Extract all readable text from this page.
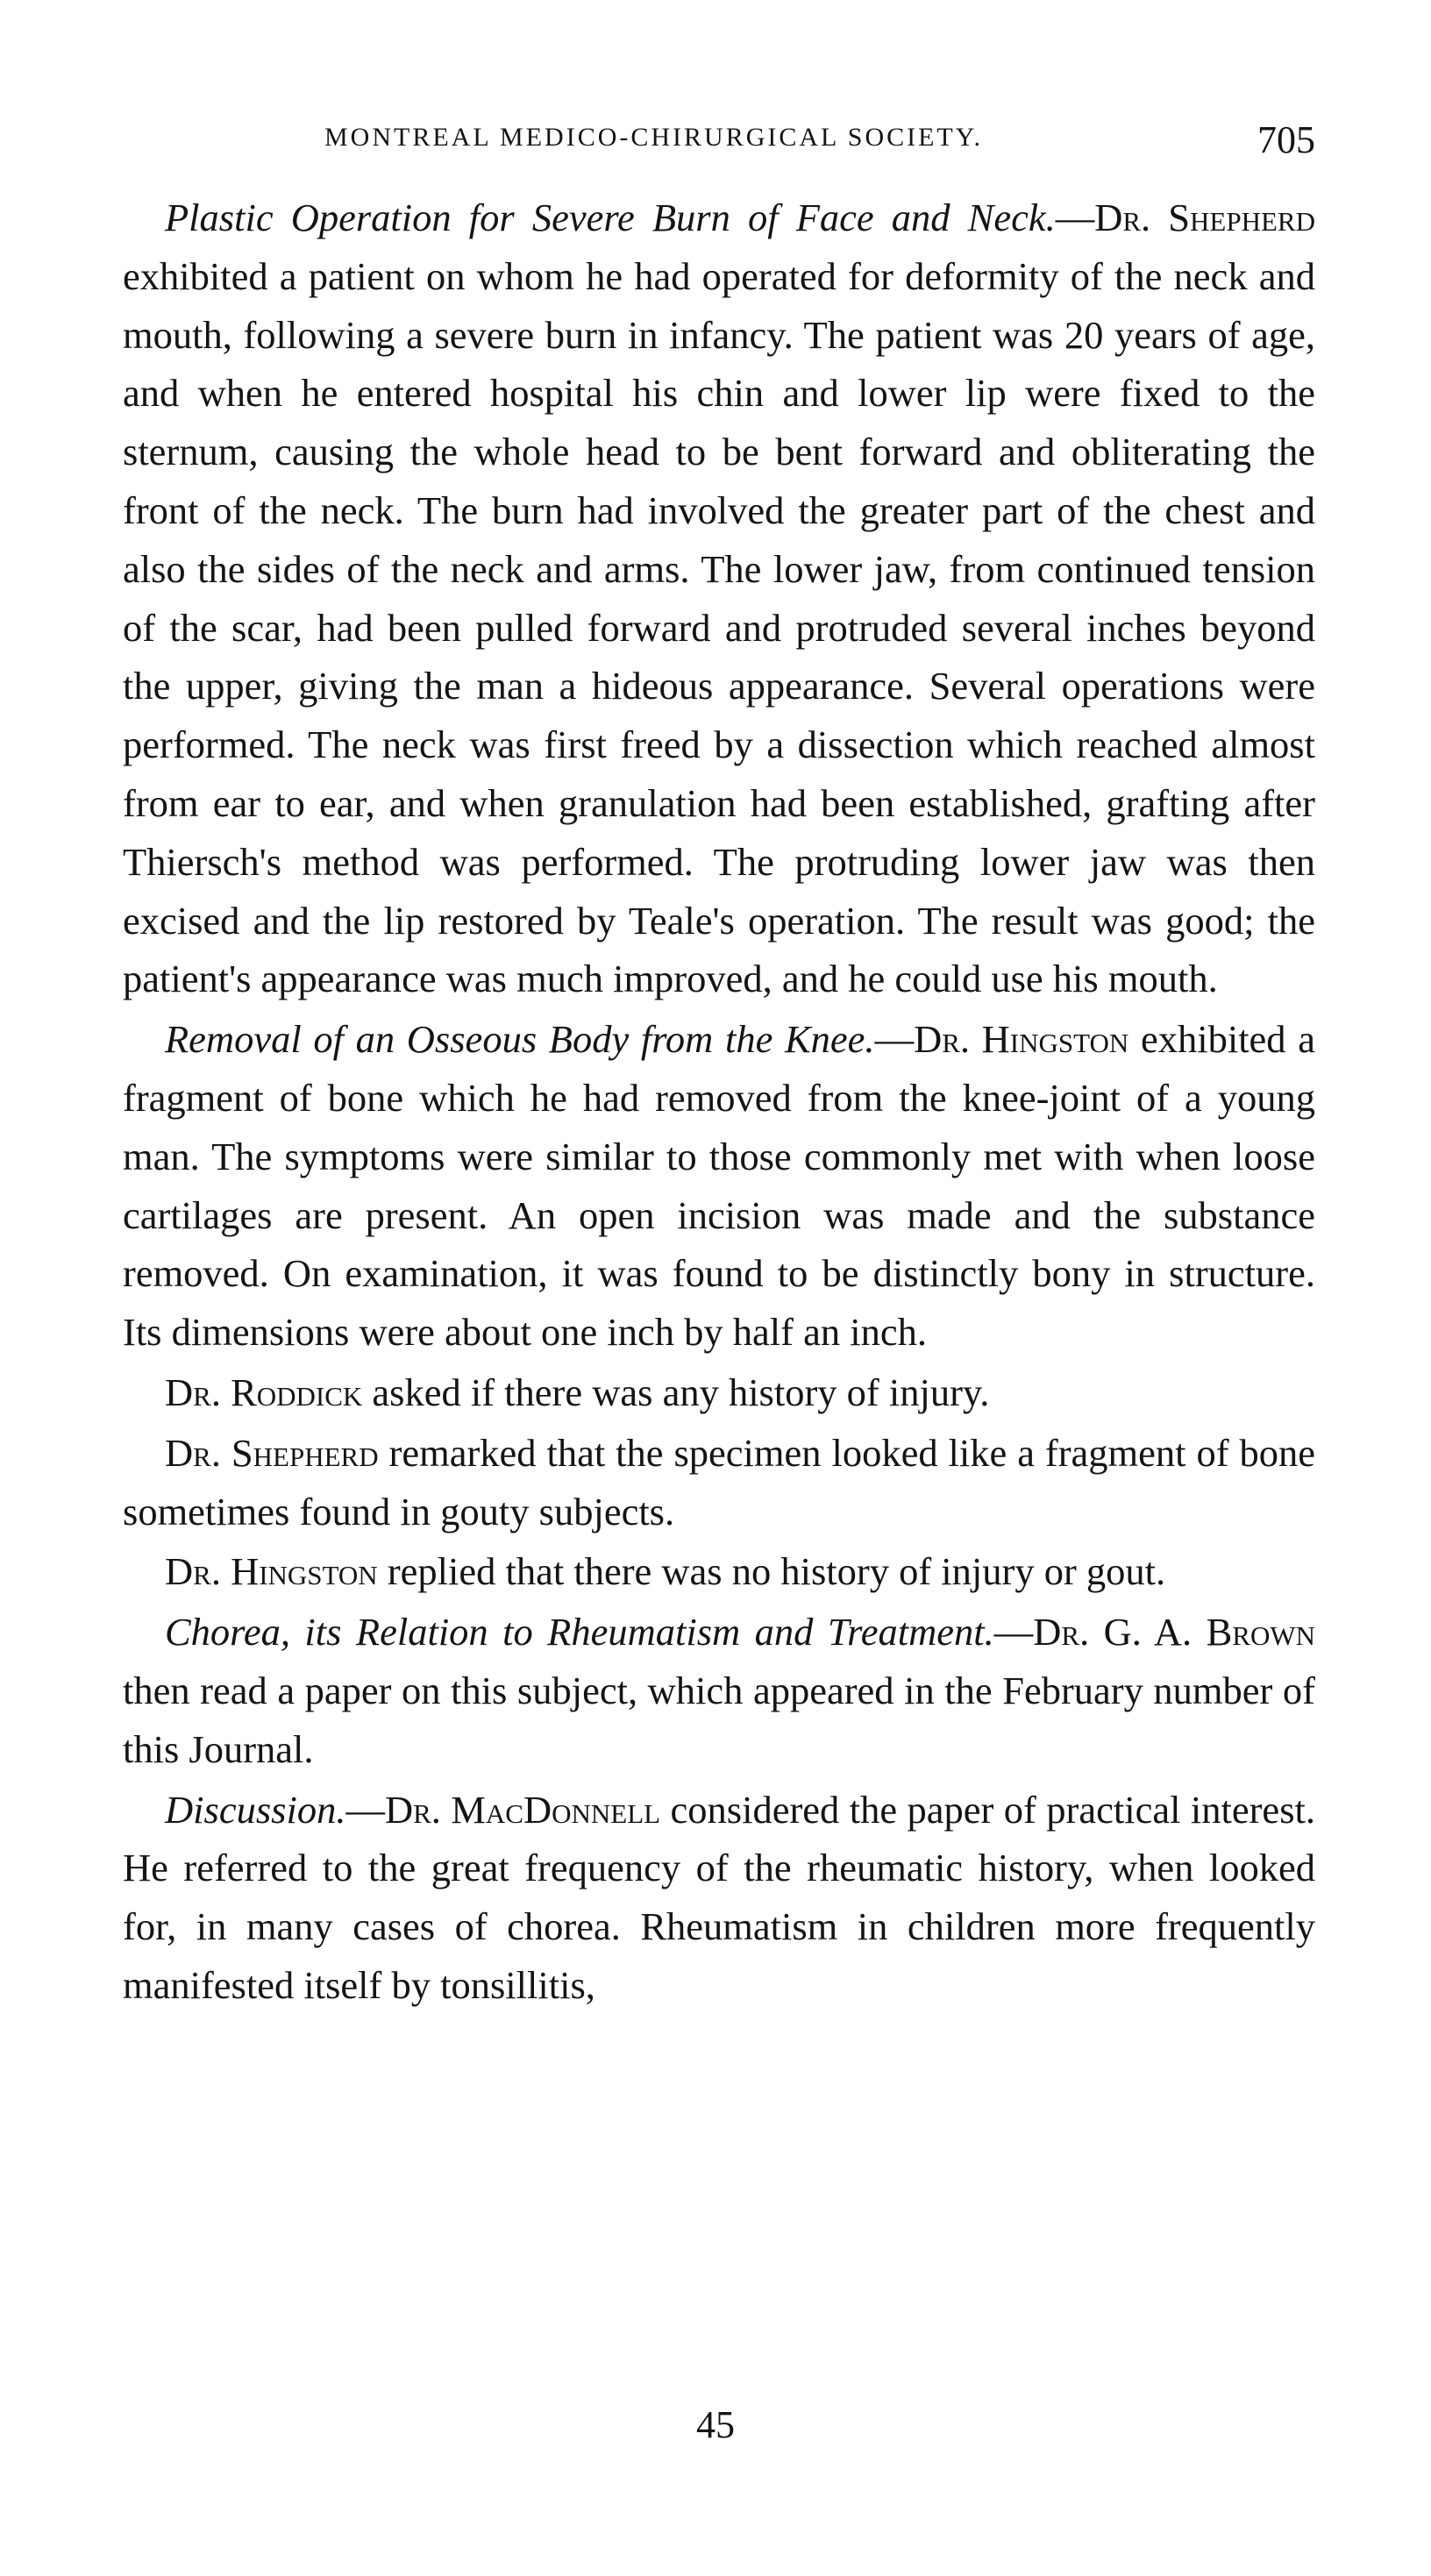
MONTREAL MEDICO-CHIRURGICAL SOCIETY.	705

Plastic Operation for Severe Burn of Face and Neck.—Dr. Shepherd exhibited a patient on whom he had operated for deformity of the neck and mouth, following a severe burn in infancy. The patient was 20 years of age, and when he entered hospital his chin and lower lip were fixed to the sternum, causing the whole head to be bent forward and obliterating the front of the neck. The burn had involved the greater part of the chest and also the sides of the neck and arms. The lower jaw, from continued tension of the scar, had been pulled forward and protruded several inches beyond the upper, giving the man a hideous appearance. Several operations were performed. The neck was first freed by a dissection which reached almost from ear to ear, and when granulation had been established, grafting after Thiersch's method was performed. The protruding lower jaw was then excised and the lip restored by Teale's operation. The result was good; the patient's appearance was much improved, and he could use his mouth.

Removal of an Osseous Body from the Knee.—Dr. Hingston exhibited a fragment of bone which he had removed from the knee-joint of a young man. The symptoms were similar to those commonly met with when loose cartilages are present. An open incision was made and the substance removed. On examination, it was found to be distinctly bony in structure. Its dimensions were about one inch by half an inch.

Dr. Roddick asked if there was any history of injury.

Dr. Shepherd remarked that the specimen looked like a fragment of bone sometimes found in gouty subjects.

Dr. Hingston replied that there was no history of injury or gout.

Chorea, its Relation to Rheumatism and Treatment.—Dr. G. A. Brown then read a paper on this subject, which appeared in the February number of this Journal.

Discussion.—Dr. MacDonnell considered the paper of practical interest. He referred to the great frequency of the rheumatic history, when looked for, in many cases of chorea. Rheumatism in children more frequently manifested itself by tonsillitis,

45
